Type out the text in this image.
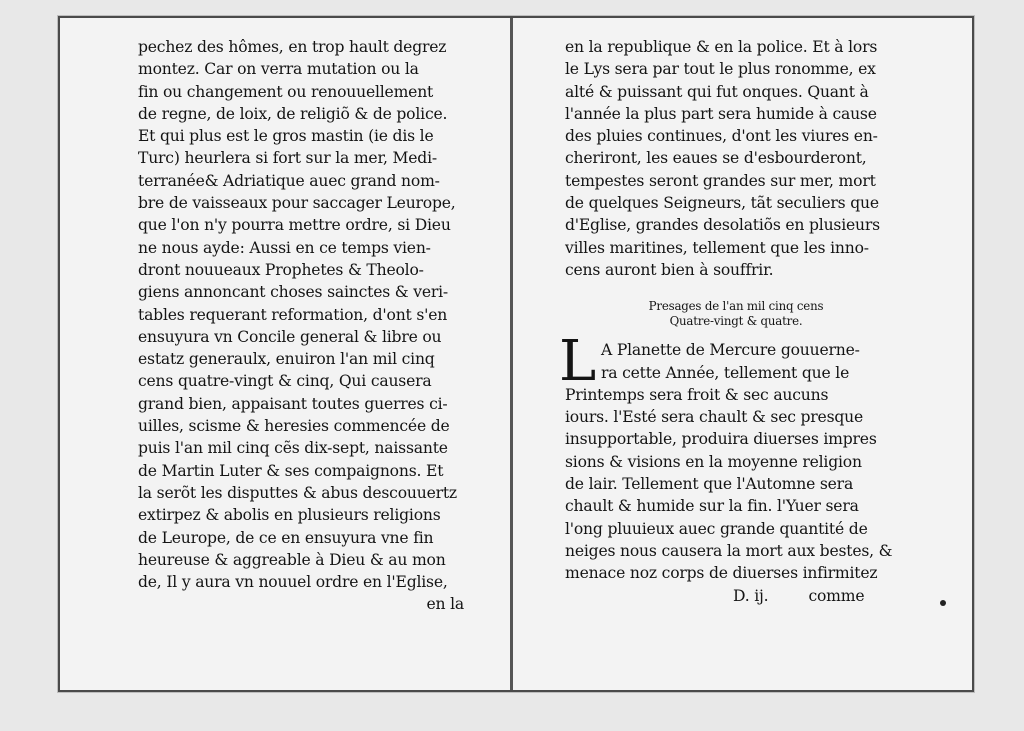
pechez des hômes, en trop hault degrez
montez. Car on verra mutation ou la
fin ou changement ou renouuellement
de regne, de loix, de religiõ & de police.
Et qui plus est le gros mastin (ie dis le
Turc) heurlera si fort sur la mer, Medi-
terranée& Adriatique auec grand nom-
bre de vaisseaux pour saccager Leurope,
que l'on n'y pourra mettre ordre, si Dieu
ne nous ayde: Aussi en ce temps vien-
dront nouueaux Prophetes & Theolo-
giens annoncant choses sainctes & veri-
tables requerant reformation, d'ont s'en
ensuyura vn Concile general & libre ou
estatz generaulx, enuiron l'an mil cinq
cens quatre-vingt & cinq, Qui causera
grand bien, appaisant toutes guerres ci-
uilles, scisme & heresies commencée de
puis l'an mil cinq cẽs dix-sept, naissante
de Martin Luter & ses compaignons. Et
la serõt les disputtes & abus descouuertz
extirpez & abolis en plusieurs religions
de Leurope, de ce en ensuyura vne fin
heureuse & aggreable à Dieu & au mon
de, Il y aura vn nouuel ordre en l'Eglise,
en la
en la republique & en la police. Et à lors
le Lys sera par tout le plus ronomme, ex
alté & puissant qui fut onques. Quant à
l'année la plus part sera humide à cause
des pluies continues, d'ont les viures en-
cheriront, les eaues se d'esbourderont,
tempestes seront grandes sur mer, mort
de quelques Seigneurs, tãt seculiers que
d'Eglise, grandes desolatiõs en plusieurs
villes maritines, tellement que les inno-
cens auront bien à souffrir.
Presages de l'an mil cinq cens
Quatre-vingt & quatre.
L A Planette de Mercure gouuerne-
ra cette Année, tellement que le
Printemps sera froit & sec aucuns
iours. l'Esté sera chault & sec presque
insupportable, produira diuerses impres
sions & visions en la moyenne religion
de lair. Tellement que l'Automne sera
chault & humide sur la fin. l'Yuer sera
l'ong pluuieux auec grande quantité de
neiges nous causera la mort aux bestes, &
menace noz corps de diuerses infirmitez
D. ij.	comme
